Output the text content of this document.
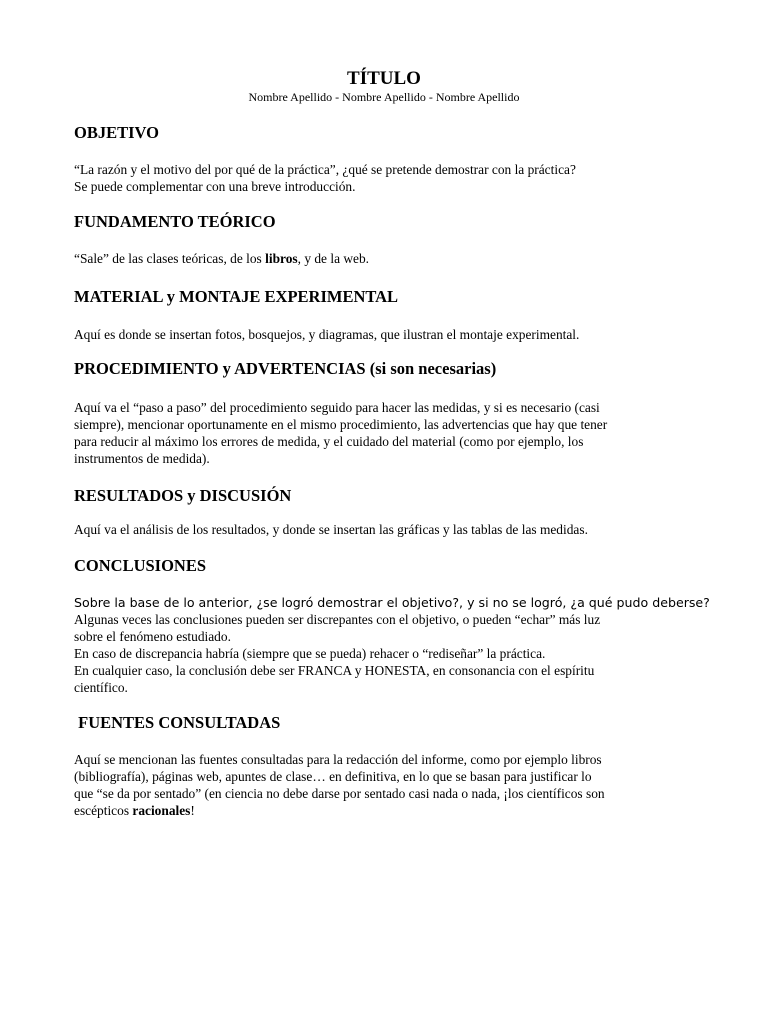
TÍTULO
Nombre Apellido - Nombre Apellido - Nombre Apellido
OBJETIVO
“La razón y el motivo del por qué de la práctica”, ¿qué se pretende demostrar con la práctica?
Se puede complementar con una breve introducción.
FUNDAMENTO TEÓRICO
“Sale” de las clases teóricas, de los libros, y de la web.
MATERIAL y MONTAJE EXPERIMENTAL
Aquí es donde se insertan fotos, bosquejos, y diagramas, que ilustran el montaje experimental.
PROCEDIMIENTO y ADVERTENCIAS (si son necesarias)
Aquí va el “paso a paso” del procedimiento seguido para hacer las medidas, y si es necesario (casi
siempre), mencionar oportunamente en el mismo procedimiento, las advertencias que hay que tener
para reducir al máximo los errores de medida, y el cuidado del material (como por ejemplo, los
instrumentos de medida).
RESULTADOS y DISCUSIÓN
Aquí va el análisis de los resultados, y donde se insertan las gráficas y las tablas de las medidas.
CONCLUSIONES
Sobre la base de lo anterior, ¿se logró demostrar el objetivo?, y si no se logró, ¿a qué pudo deberse?
Algunas veces las conclusiones pueden ser discrepantes con el objetivo, o pueden “echar” más luz
sobre el fenómeno estudiado.
En caso de discrepancia habría (siempre que se pueda) rehacer o “rediseñar” la práctica.
En cualquier caso, la conclusión debe ser FRANCA y HONESTA, en consonancia con el espíritu
científico.
FUENTES CONSULTADAS
Aquí se mencionan las fuentes consultadas para la redacción del informe, como por ejemplo libros
(bibliografía), páginas web, apuntes de clase… en definitiva, en lo que se basan para justificar lo
que “se da por sentado” (en ciencia no debe darse por sentado casi nada o nada, ¡los científicos son
escépticos racionales!
